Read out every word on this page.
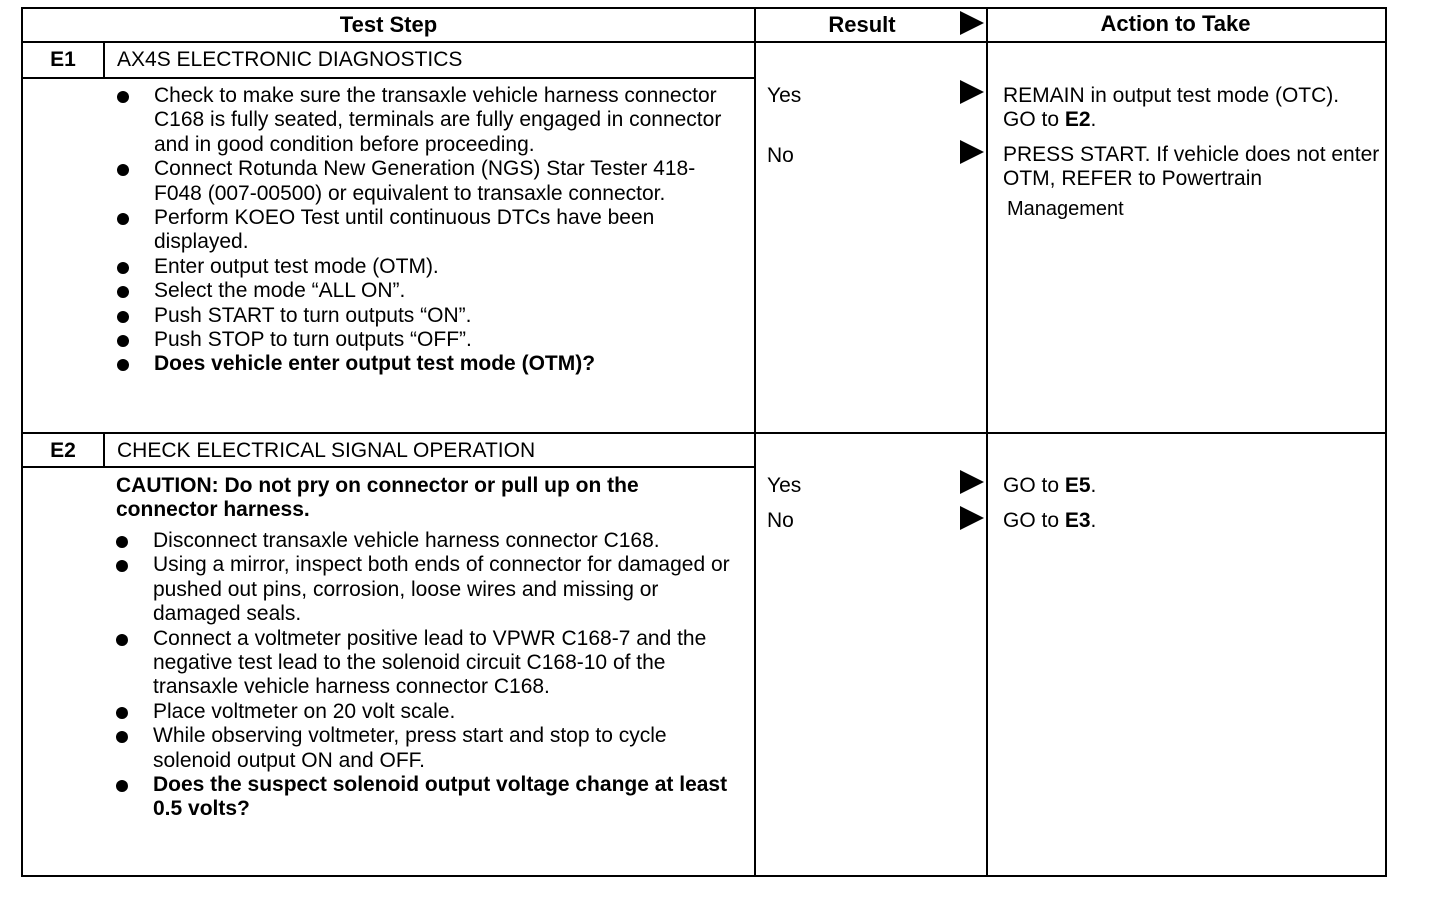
Test Step	Result	Action to Take
E1	AX4S ELECTRONIC DIAGNOSTICS
Check to make sure the transaxle vehicle harness connector C168 is fully seated, terminals are fully engaged in connector and in good condition before proceeding.
Connect Rotunda New Generation (NGS) Star Tester 418-F048 (007-00500) or equivalent to transaxle connector.
Perform KOEO Test until continuous DTCs have been displayed.
Enter output test mode (OTM).
Select the mode “ALL ON”.
Push START to turn outputs “ON”.
Push STOP to turn outputs “OFF”.
Does vehicle enter output test mode (OTM)?
Yes	REMAIN in output test mode (OTC). GO to E2.
No	PRESS START. If vehicle does not enter OTM, REFER to Powertrain
Management
E2	CHECK ELECTRICAL SIGNAL OPERATION
CAUTION: Do not pry on connector or pull up on the connector harness.
Disconnect transaxle vehicle harness connector C168.
Using a mirror, inspect both ends of connector for damaged or pushed out pins, corrosion, loose wires and missing or damaged seals.
Connect a voltmeter positive lead to VPWR C168-7 and the negative test lead to the solenoid circuit C168-10 of the transaxle vehicle harness connector C168.
Place voltmeter on 20 volt scale.
While observing voltmeter, press start and stop to cycle solenoid output ON and OFF.
Does the suspect solenoid output voltage change at least 0.5 volts?
Yes	GO to E5.
No	GO to E3.
